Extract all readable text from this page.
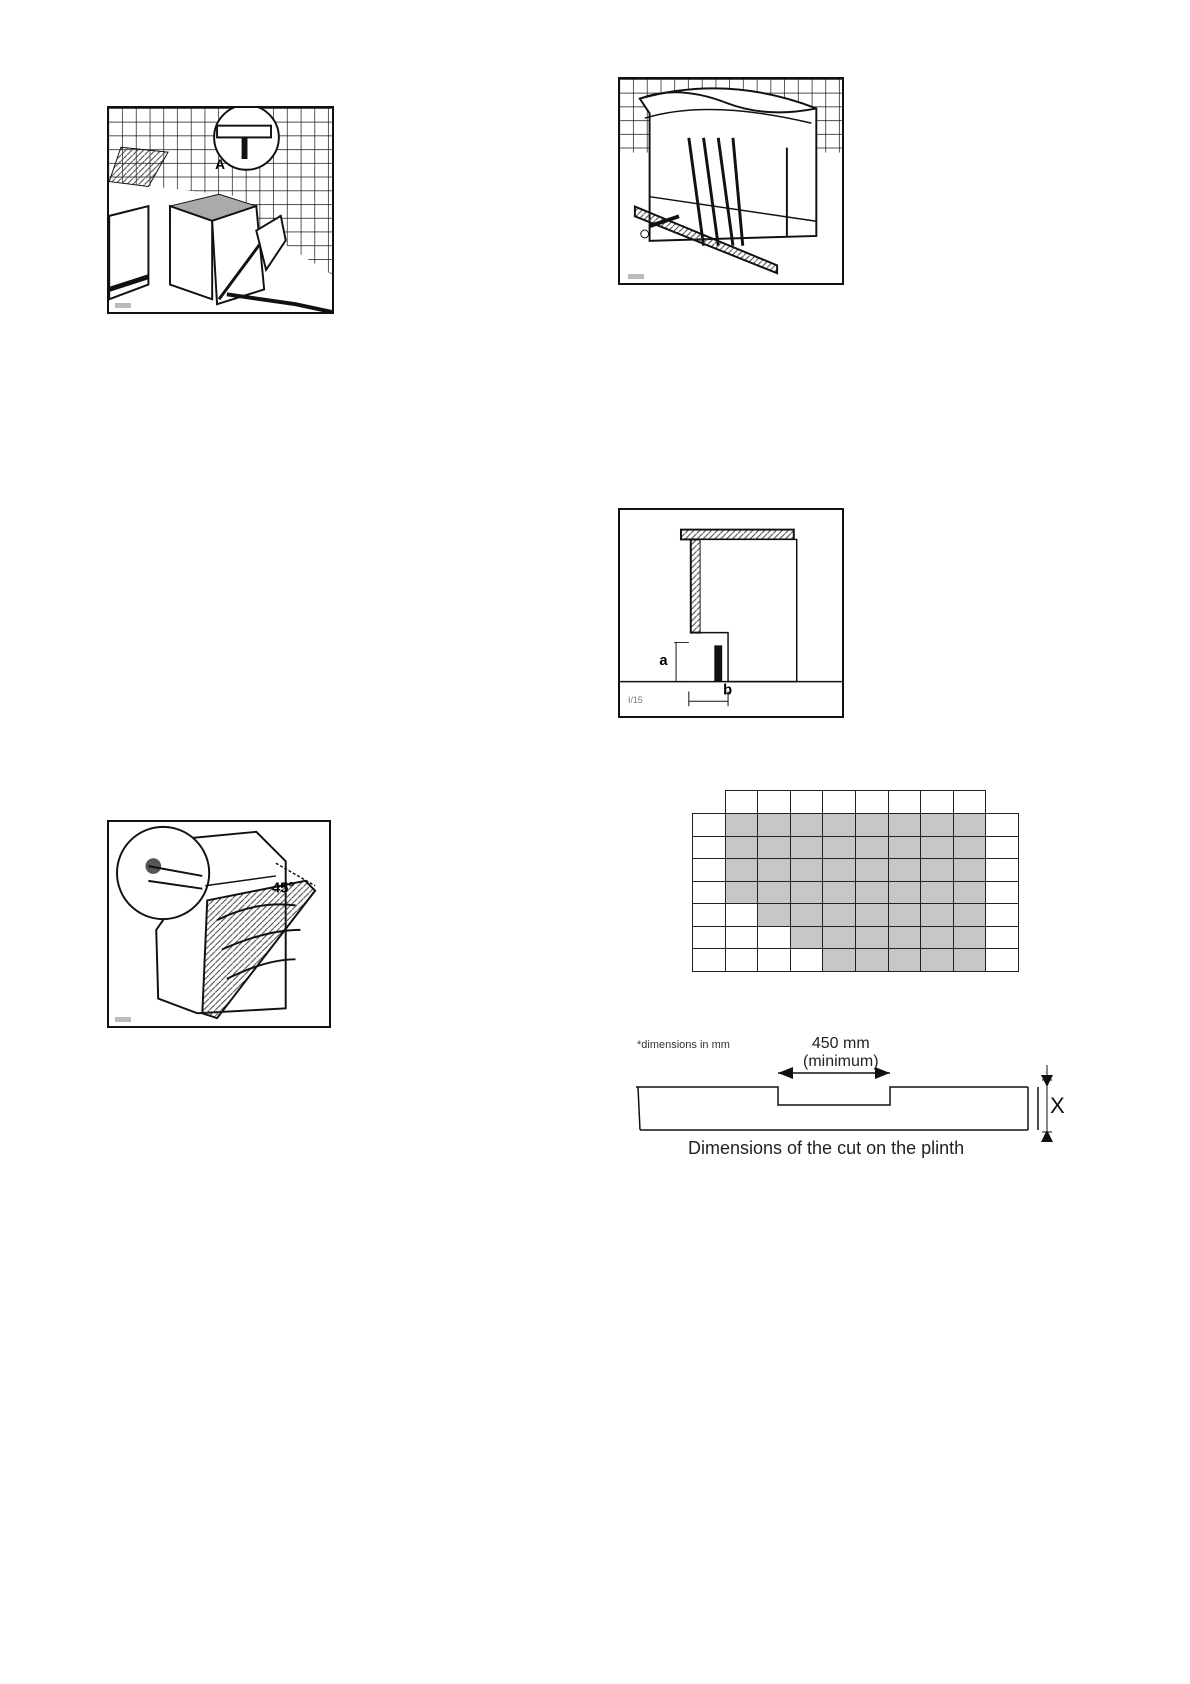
A
a
b
I/15
45°
*dimensions in mm	450 mm
(minimum)
X
Dimensions of the cut on the plinth
